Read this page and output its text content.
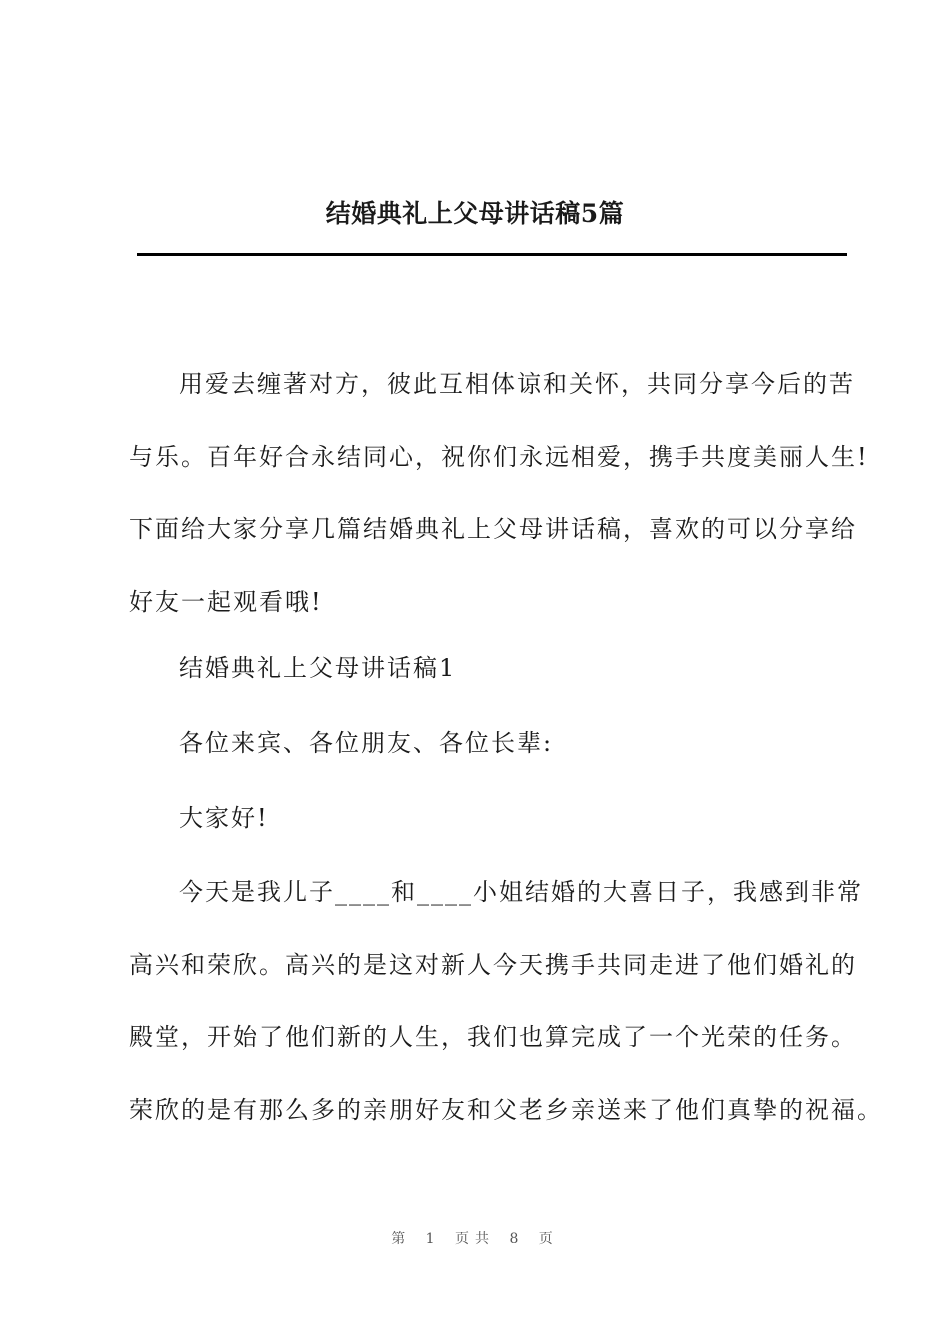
结婚典礼上父母讲话稿5篇

用爱去缠著对方，彼此互相体谅和关怀，共同分享今后的苦
与乐。百年好合永结同心，祝你们永远相爱，携手共度美丽人生!
下面给大家分享几篇结婚典礼上父母讲话稿，喜欢的可以分享给
好友一起观看哦!

结婚典礼上父母讲话稿1

各位来宾、各位朋友、各位长辈:

大家好!

今天是我儿子____和____小姐结婚的大喜日子，我感到非常
高兴和荣欣。高兴的是这对新人今天携手共同走进了他们婚礼的
殿堂，开始了他们新的人生，我们也算完成了一个光荣的任务。
荣欣的是有那么多的亲朋好友和父老乡亲送来了他们真挚的祝福。

第 1 页共 8 页
